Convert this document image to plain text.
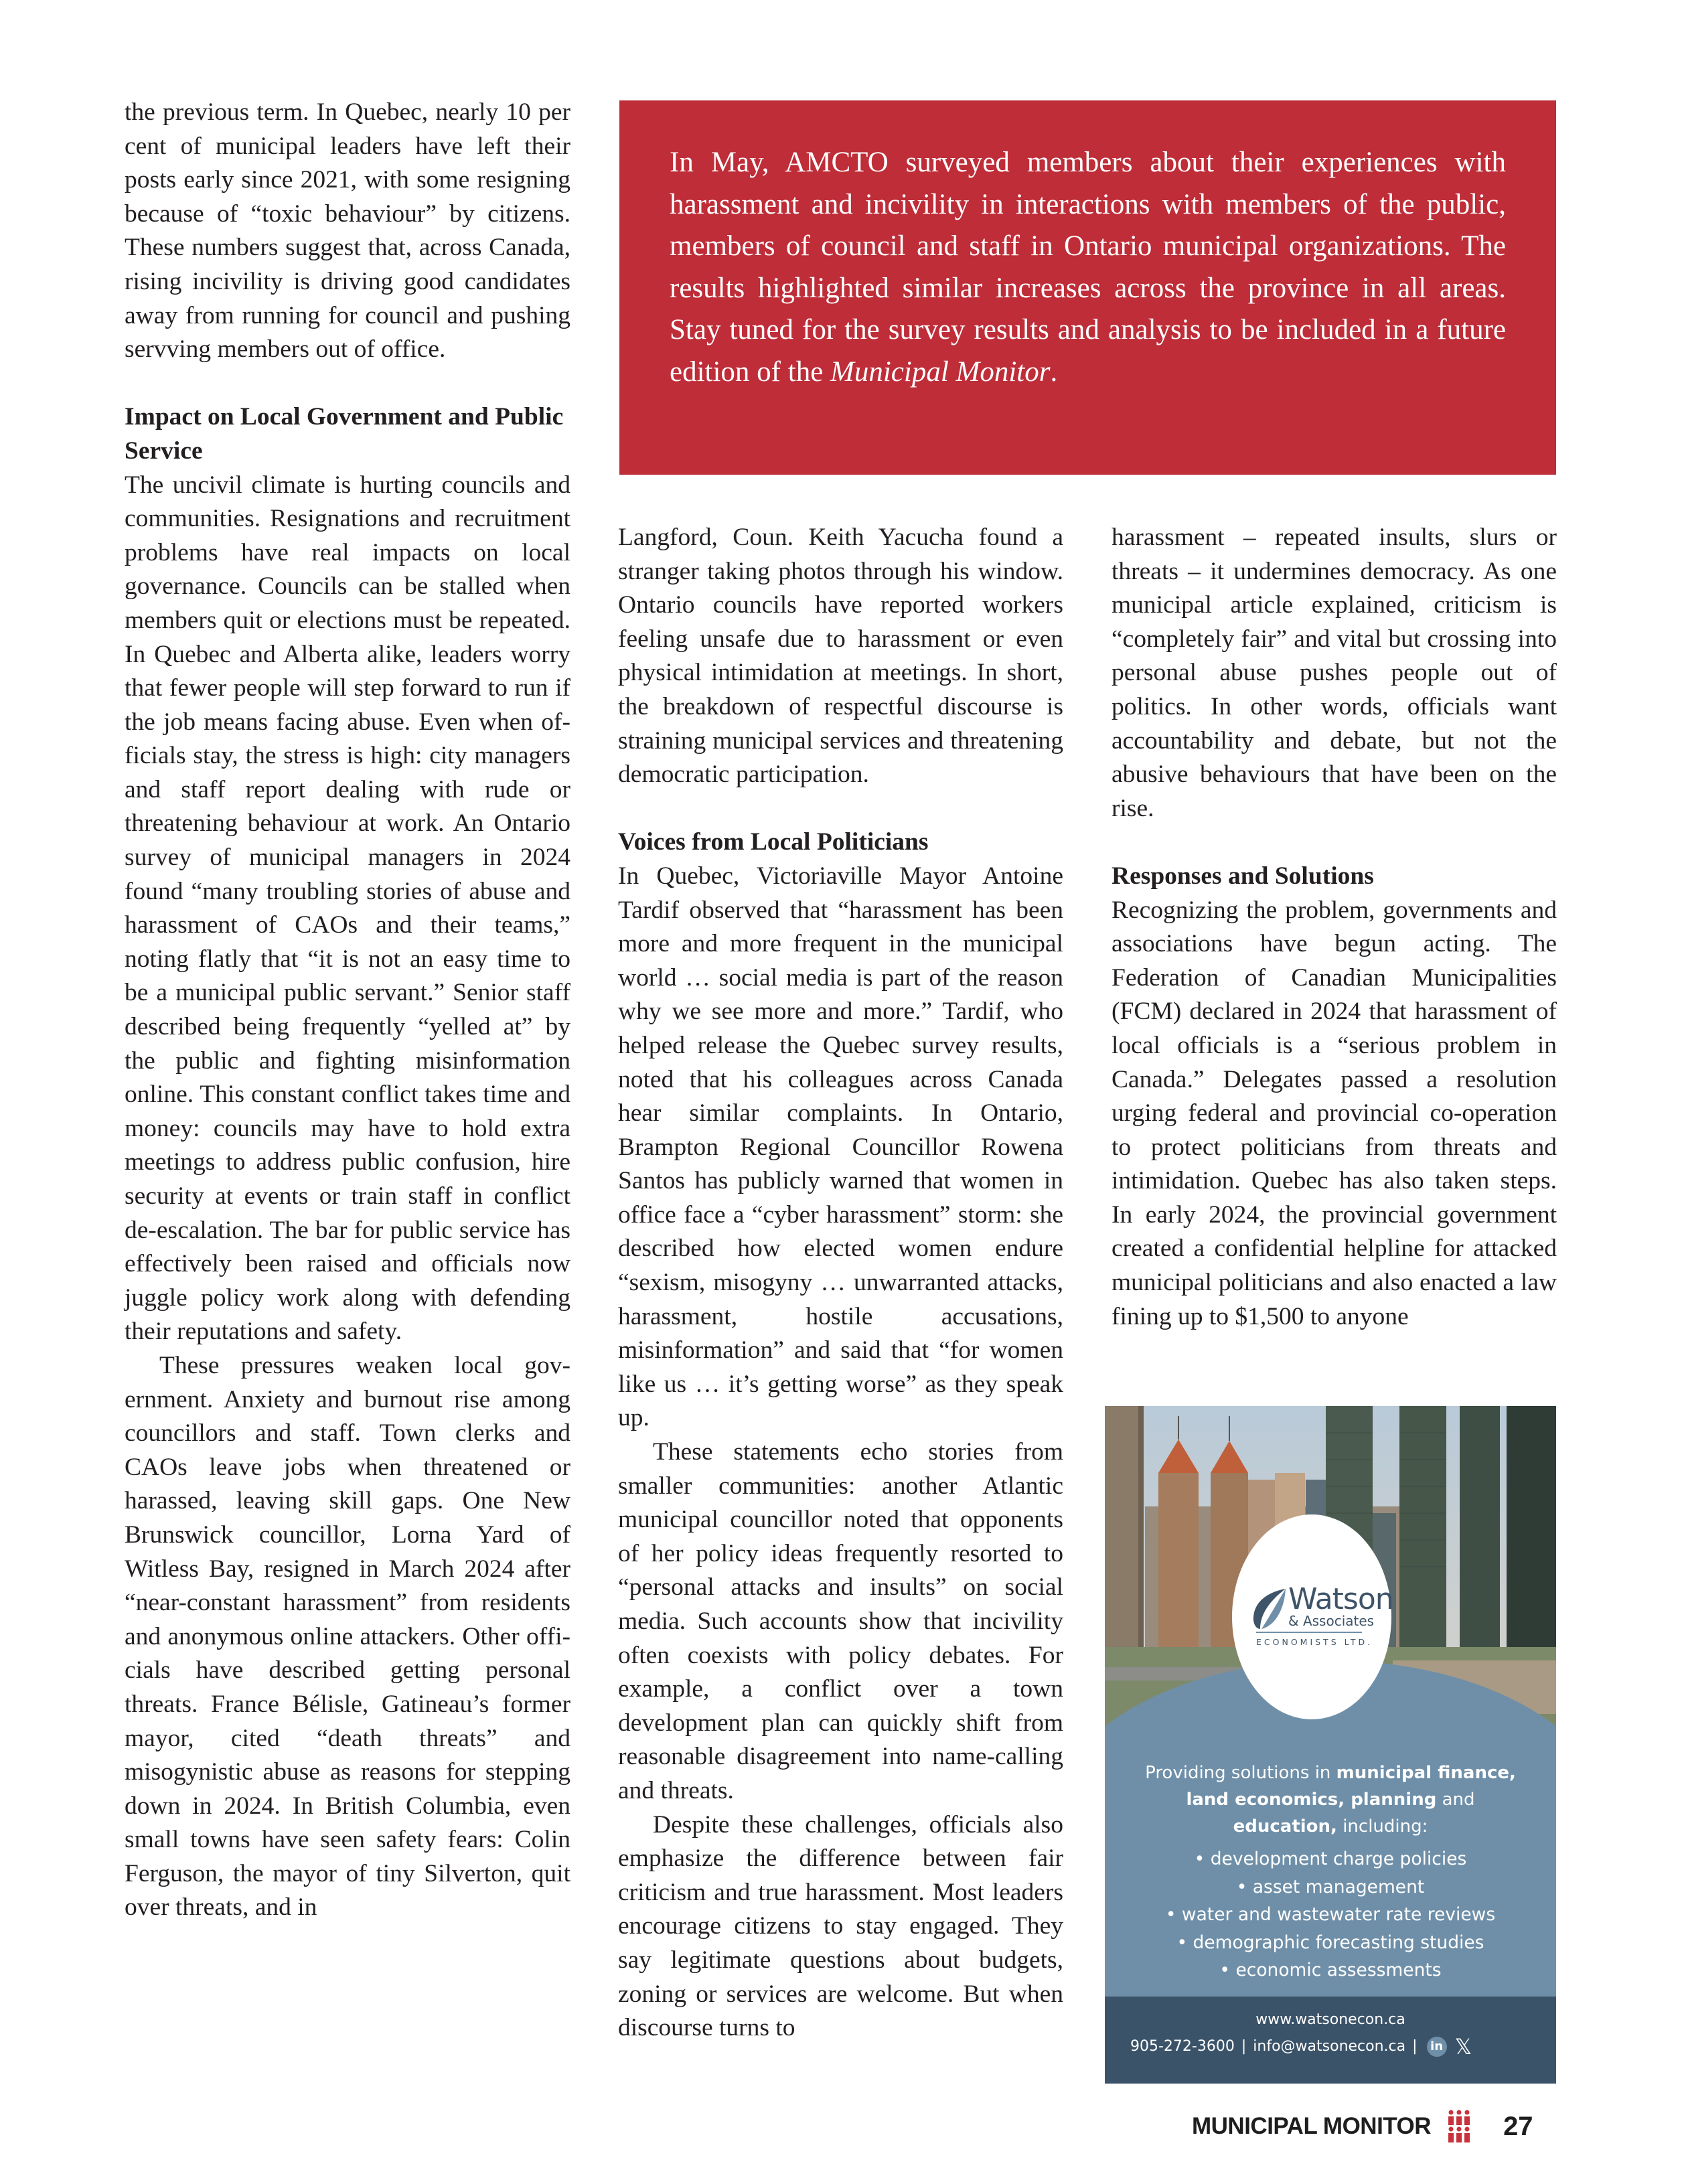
In May, AMCTO surveyed members about their experiences with harassment and incivility in interactions with members of the public, members of council and staff in Ontario municipal organizations. The results highlighted similar increases across the province in all areas. Stay tuned for the survey results and analysis to be included in a future edition of the Municipal Monitor.

the previous term. In Quebec, nearly 10 per cent of municipal leaders have left their posts early since 2021, with some resigning because of “toxic behaviour” by citizens. These numbers suggest that, across Canada, rising incivility is driving good candidates away from running for council and pushing servving members out of office.

Impact on Local Government and Public Service

The uncivil climate is hurting councils and communities. Resignations and recruitment problems have real impacts on local governance. Councils can be stalled when members quit or elections must be repeated. In Quebec and Alberta alike, leaders worry that fewer people will step forward to run if the job means facing abuse. Even when officials stay, the stress is high: city managers and staff report dealing with rude or threatening behaviour at work. An Ontario survey of municipal managers in 2024 found “many troubling stories of abuse and harassment of CAOs and their teams,” noting flatly that “it is not an easy time to be a municipal public servant.” Senior staff described being frequently “yelled at” by the public and fighting misinformation online. This constant conflict takes time and money: councils may have to hold extra meetings to address public confusion, hire security at events or train staff in conflict de-escalation. The bar for public service has effectively been raised and officials now juggle policy work along with defending their reputations and safety.

These pressures weaken local government. Anxiety and burnout rise among councillors and staff. Town clerks and CAOs leave jobs when threatened or harassed, leaving skill gaps. One New Brunswick councillor, Lorna Yard of Witless Bay, resigned in March 2024 after “near-constant harassment” from residents and anonymous online attackers. Other officials have described getting personal threats. France Bélisle, Gatineau’s former mayor, cited “death threats” and misogynistic abuse as reasons for stepping down in 2024. In British Columbia, even small towns have seen safety fears: Colin Ferguson, the mayor of tiny Silverton, quit over threats, and in

Langford, Coun. Keith Yacucha found a stranger taking photos through his window. Ontario councils have reported workers feeling unsafe due to harassment or even physical intimidation at meetings. In short, the breakdown of respectful discourse is straining municipal services and threatening democratic participation.

Voices from Local Politicians

In Quebec, Victoriaville Mayor Antoine Tardif observed that “harassment has been more and more frequent in the municipal world … social media is part of the reason why we see more and more.” Tardif, who helped release the Quebec survey results, noted that his colleagues across Canada hear similar complaints. In Ontario, Brampton Regional Councillor Rowena Santos has publicly warned that women in office face a “cyber harassment” storm: she described how elected women endure “sexism, misogyny … unwarranted attacks, harassment, hostile accusations, misinformation” and said that “for women like us … it’s getting worse” as they speak up.

These statements echo stories from smaller communities: another Atlantic municipal councillor noted that opponents of her policy ideas frequently resorted to “personal attacks and insults” on social media. Such accounts show that incivility often coexists with policy debates. For example, a conflict over a town development plan can quickly shift from reasonable disagreement into name-calling and threats.

Despite these challenges, officials also emphasize the difference between fair criticism and true harassment. Most leaders encourage citizens to stay engaged. They say legitimate questions about budgets, zoning or services are welcome. But when discourse turns to

harassment – repeated insults, slurs or threats – it undermines democracy. As one municipal article explained, criticism is “completely fair” and vital but crossing into personal abuse pushes people out of politics. In other words, officials want accountability and debate, but not the abusive behaviours that have been on the rise.

Responses and Solutions

Recognizing the problem, governments and associations have begun acting. The Federation of Canadian Municipalities (FCM) declared in 2024 that harassment of local officials is a “serious problem in Canada.” Delegates passed a resolution urging federal and provincial co-operation to protect politicians from threats and intimidation. Quebec has also taken steps. In early 2024, the provincial government created a confidential helpline for attacked municipal politicians and also enacted a law fining up to $1,500 to anyone

Watson
& Associates
ECONOMISTS LTD.
Providing solutions in municipal finance,
land economics, planning and
education, including:
• development charge policies
• asset management
• water and wastewater rate reviews
• demographic forecasting studies
• economic assessments
www.watsonecon.ca
905-272-3600 | info@watsonecon.ca |	in 𝕏
MUNICIPAL MONITOR	27
